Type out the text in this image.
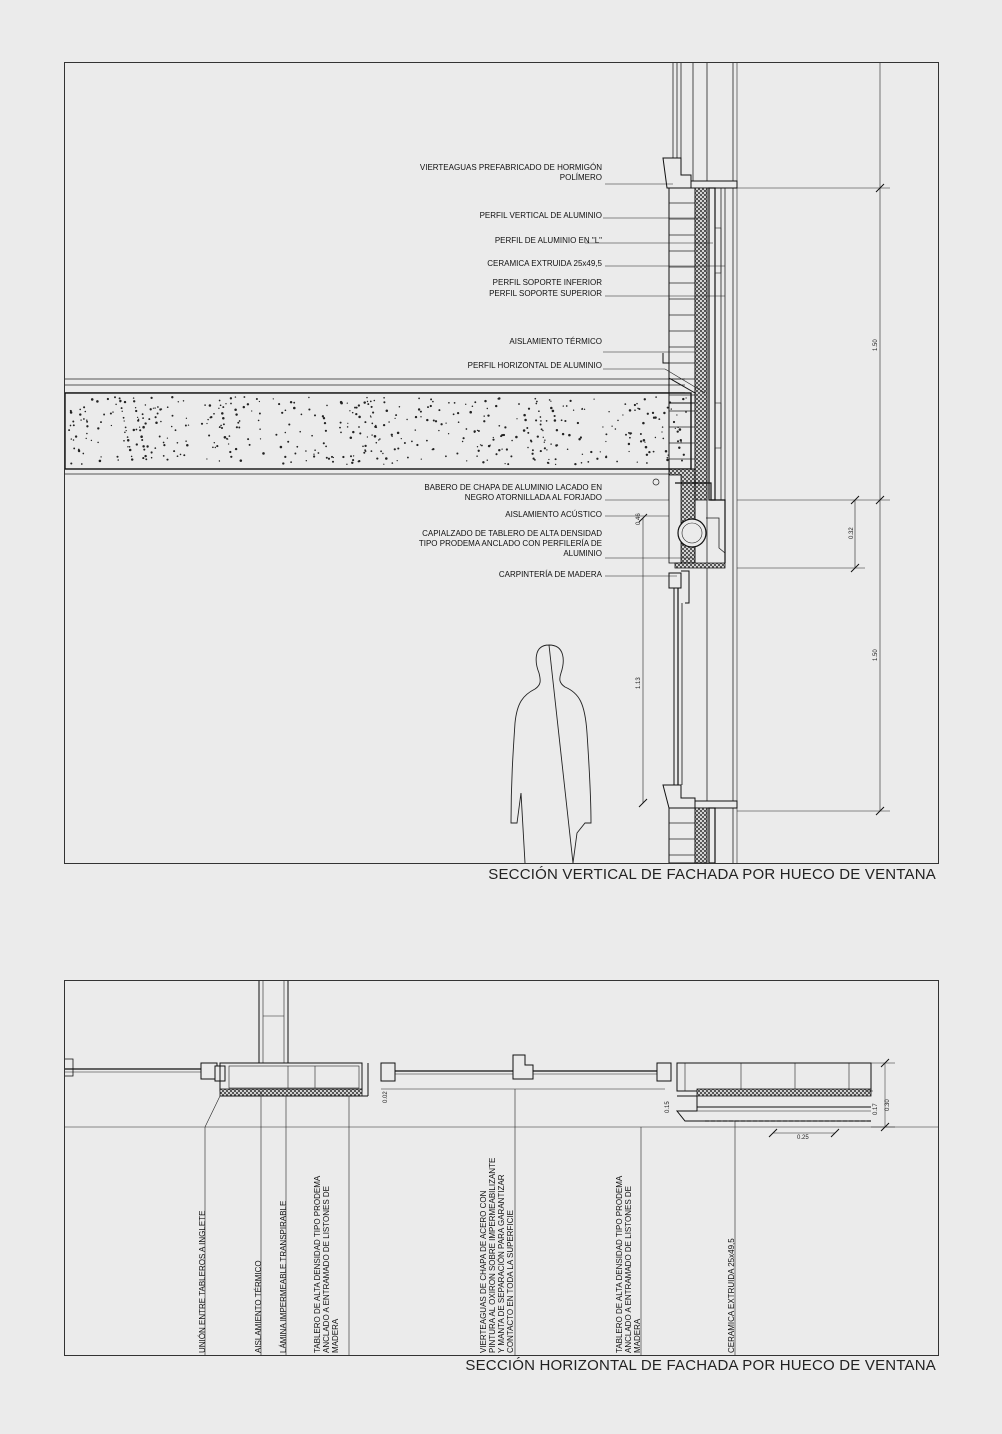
VIERTEAGUAS PREFABRICADO DE HORMIGÓN
POLÍMERO
PERFIL VERTICAL DE ALUMINIO
PERFIL DE ALUMINIO EN "L"
CERAMICA EXTRUIDA 25x49,5
PERFIL SOPORTE INFERIOR
PERFIL SOPORTE SUPERIOR
AISLAMIENTO TÉRMICO
PERFIL HORIZONTAL DE ALUMINIO
BABERO DE CHAPA DE ALUMINIO LACADO EN
NEGRO ATORNILLADA AL FORJADO
AISLAMIENTO ACÚSTICO
CAPIALZADO DE TABLERO DE ALTA DENSIDAD
TIPO PRODEMA ANCLADO CON PERFILERÍA DE
ALUMINIO
CARPINTERÍA DE MADERA
1.50
0.32
1.50
1.13
0.46
SECCIÓN VERTICAL DE FACHADA POR HUECO DE VENTANA
UNIÓN ENTRE TABLEROS A INGLETE	AISLAMIENTO TÉRMICO LÁMINA IMPERMEABLE TRANSPIRABLE	TABLERO DE ALTA DENSIDAD TIPO PRODEMA ANCLADO A ENTRAMADO DE LISTONES DE MADERA	VIERTEAGUAS DE CHAPA DE ACERO CON PINTURA AL OXIRON SOBRE IMPERMEABILIZANTE Y MANTA DE SEPARACIÓN PARA GARANTIZAR CONTACTO EN TODA LA SUPERFICIE	TABLERO DE ALTA DENSIDAD TIPO PRODEMA ANCLADO A ENTRAMADO DE LISTONES DE MADERA	CERAMICA EXTRUIDA 25x49,5
0.30
0.17
0.25
0.02
0.15
SECCIÓN HORIZONTAL DE FACHADA POR HUECO DE VENTANA
